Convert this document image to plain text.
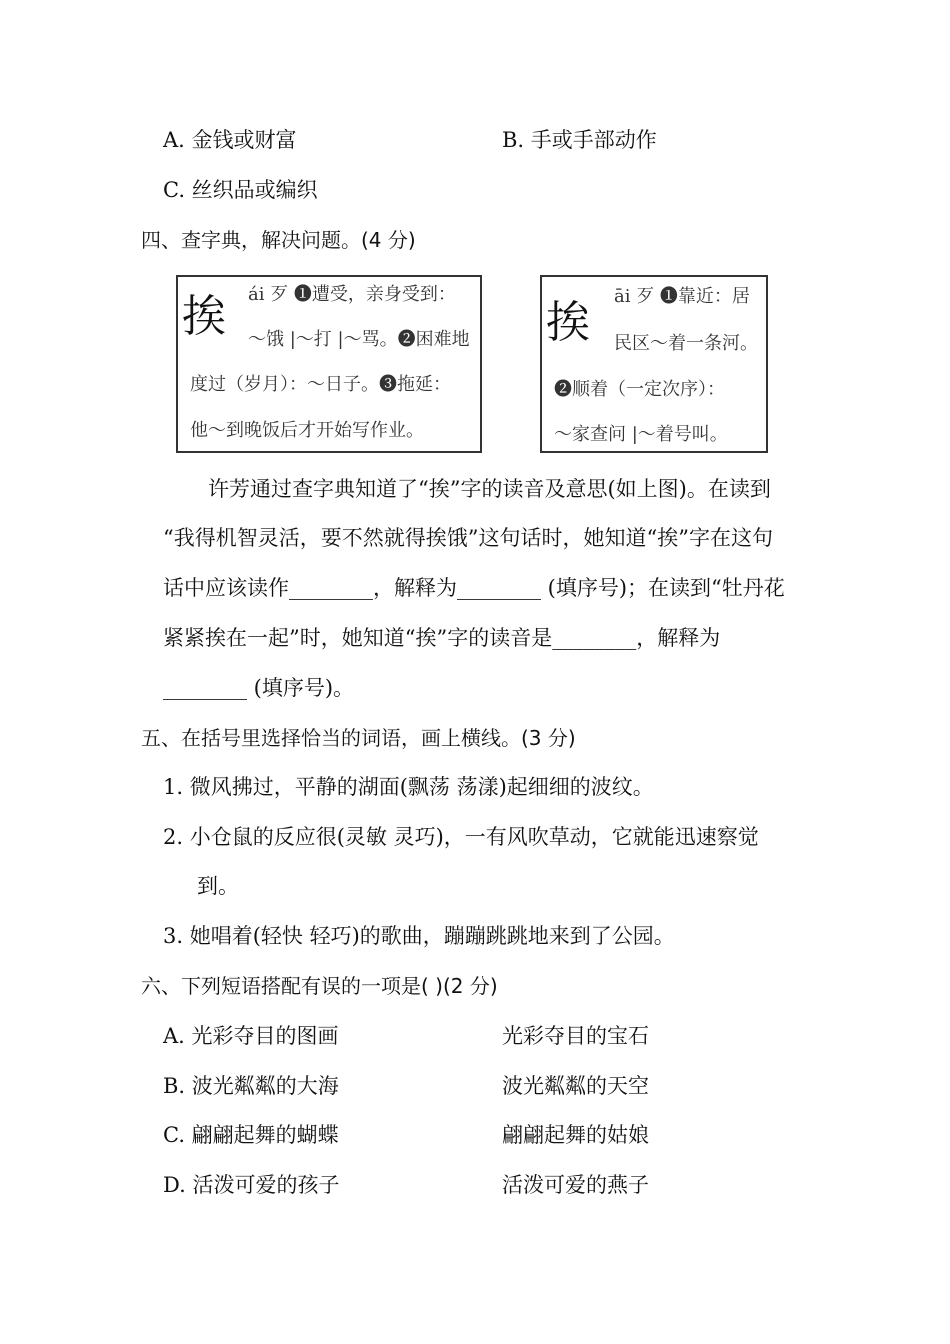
A. 金钱或财富	B. 手或手部动作
C. 丝织品或编织
四、查字典，解决问题。(4 分)
挨 ái 歹 ❶遭受，亲身受到：
～饿 |～打 |～骂。❷困难地
度过（岁月）：～日子。❸拖延：
他～到晚饭后才开始写作业。
挨
āi 歹 ❶靠近：居
民区～着一条河。
❷顺着（一定次序）：
～家查问 |～着号叫。
许芳通过查字典知道了“挨”字的读音及意思(如上图)。在读到
“我得机智灵活，要不然就得挨饿”这句话时，她知道“挨”字在这句
话中应该读作________，解释为________ (填序号)；在读到“牡丹花
紧紧挨在一起”时，她知道“挨”字的读音是________，解释为
________ (填序号)。
五、在括号里选择恰当的词语，画上横线。(3 分)
1. 微风拂过，平静的湖面(飘荡 荡漾)起细细的波纹。
2. 小仓鼠的反应很(灵敏 灵巧)，一有风吹草动，它就能迅速察觉
到。
3. 她唱着(轻快 轻巧)的歌曲，蹦蹦跳跳地来到了公园。
六、下列短语搭配有误的一项是( )(2 分)
A. 光彩夺目的图画	光彩夺目的宝石
B. 波光粼粼的大海	波光粼粼的天空
C. 翩翩起舞的蝴蝶	翩翩起舞的姑娘
D. 活泼可爱的孩子	活泼可爱的燕子
